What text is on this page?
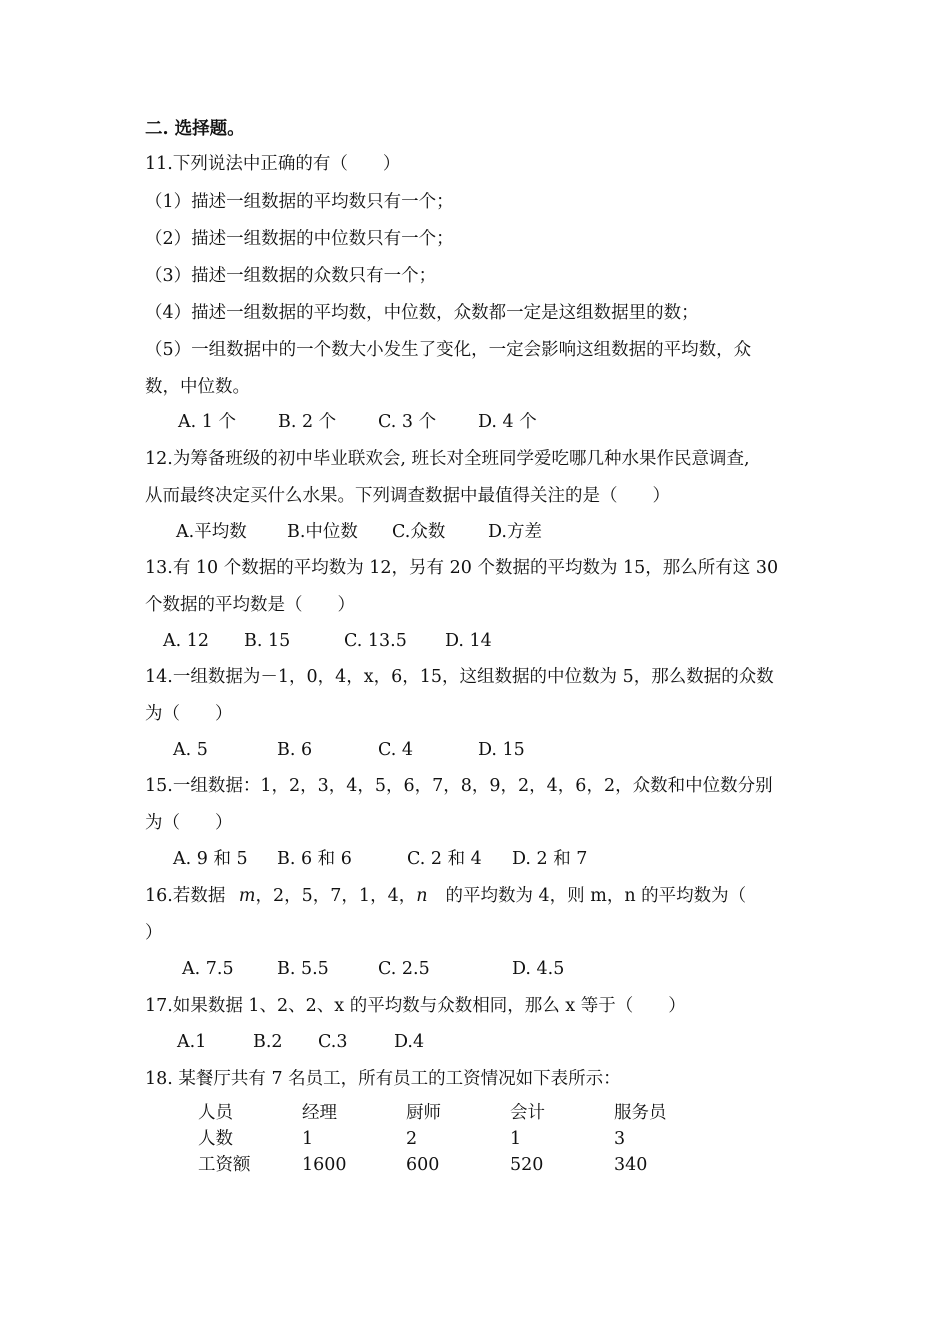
二. 选择题。
11.下列说法中正确的有（　　）
（1）描述一组数据的平均数只有一个；
（2）描述一组数据的中位数只有一个；
（3）描述一组数据的众数只有一个；
（4）描述一组数据的平均数，中位数，众数都一定是这组数据里的数；
（5）一组数据中的一个数大小发生了变化，一定会影响这组数据的平均数，众
数，中位数。
A. 1 个 B. 2 个 C. 3 个 D. 4 个
12.为筹备班级的初中毕业联欢会, 班长对全班同学爱吃哪几种水果作民意调查,
从而最终决定买什么水果。下列调查数据中最值得关注的是（　　）
A.平均数 B.中位数 C.众数 D.方差
13.有 10 个数据的平均数为 12，另有 20 个数据的平均数为 15，那么所有这 30
个数据的平均数是（　　）
A. 12 B. 15	C. 13.5 D. 14
14.一组数据为－1，0，4，x，6，15，这组数据的中位数为 5，那么数据的众数
为（　　）
A. 5	B. 6	C. 4	D. 15
15.一组数据：1，2，3，4，5，6，7，8，9，2，4，6，2，众数和中位数分别
为（　　）
A. 9 和 5 B. 6 和 6	C. 2 和 4 D. 2 和 7
16.若数据 m，2，5，7，1，4，n 的平均数为 4，则 m，n 的平均数为（
）
A. 7.5 B. 5.5	C. 2.5	D. 4.5
17.如果数据 1、2、2、x 的平均数与众数相同，那么 x 等于（　　）
A.1	B.2 C.3	D.4
18. 某餐厅共有 7 名员工，所有员工的工资情况如下表所示：
人员	经理	厨师	会计	服务员
人数	1	2	1	3
工资额	1600	600	520	340
